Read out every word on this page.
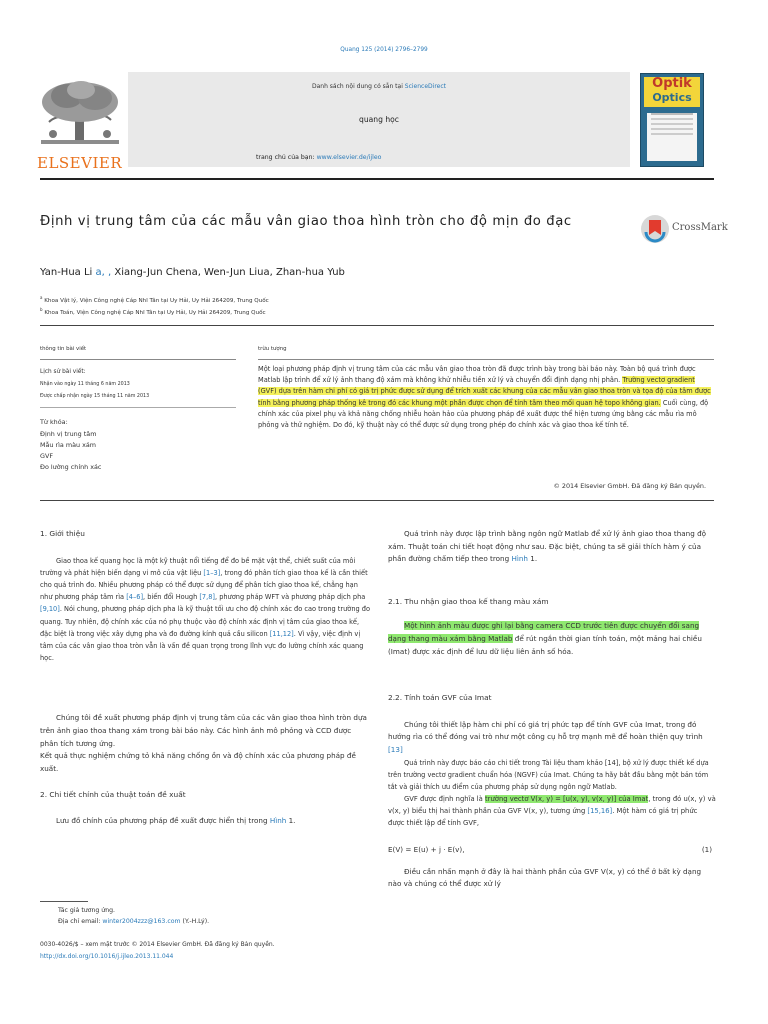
Quang 125 (2014) 2796–2799
ELSEVIER
Danh sách nội dung có sẵn tại ScienceDirect
quang học
trang chủ của bạn: www.elsevier.de/ijleo
Optik
Optics
Định vị trung tâm của các mẫu vân giao thoa hình tròn cho độ mịn đo đạc	CrossMark
Yan-Hua Li a, , Xiang-Jun Chena, Wen-Jun Liua, Zhan-hua Yub
$^a$ Khoa Vật lý, Viện Công nghệ Cáp Nhĩ Tân tại Uy Hải, Uy Hải 264209, Trung Quốc
$^b$ Khoa Toán, Viện Công nghệ Cáp Nhĩ Tân tại Uy Hải, Uy Hải 264209, Trung Quốc
thông tin bài viết
Lịch sử bài viết:
Nhận vào ngày 11 tháng 6 năm 2013
Được chấp nhận ngày 15 tháng 11 năm 2013
Từ khóa:
Định vị trung tâm
Mẫu rìa màu xám
GVF
Đo lường chính xác
trừu tượng
Một loại phương pháp định vị trung tâm của các mẫu vân giao thoa tròn đã được trình bày trong bài báo này. Toàn bộ quá trình được Matlab lập trình để xử lý ảnh thang độ xám mà không khử nhiễu tiền xử lý và chuyển đổi định dạng nhị phân. Trường vectơ gradient (GVF) dựa trên hàm chi phí có giá trị phức được sử dụng để trích xuất các khung của các mẫu vân giao thoa tròn và tọa độ của tâm được tính bằng phương pháp thống kê trong đó các khung một phần được chọn để tính tâm theo mối quan hệ topo không gian. Cuối cùng, độ chính xác của pixel phụ và khả năng chống nhiễu hoàn hảo của phương pháp đề xuất được thể hiện tương ứng bằng các mẫu rìa mô phỏng và thử nghiệm. Do đó, kỹ thuật này có thể được sử dụng trong phép đo chính xác và giao thoa kế tính tế.
© 2014 Elsevier GmbH. Đã đăng ký Bản quyền.

1. Giới thiệu

Giao thoa kế quang học là một kỹ thuật nổi tiếng để đo bề mặt vật thể, chiết suất của môi trường và phát hiện biến dạng vi mô của vật liệu [1–3], trong đó phân tích giao thoa kế là cần thiết cho quá trình đo. Nhiều phương pháp có thể được sử dụng để phân tích giao thoa kế, chẳng hạn như phương pháp tâm rìa [4–6], biến đổi Hough [7,8], phương pháp WFT và phương pháp dịch pha [9,10]. Nói chung, phương pháp dịch pha là kỹ thuật tối ưu cho độ chính xác đo cao trong trường đo quang. Tuy nhiên, độ chính xác của nó phụ thuộc vào độ chính xác định vị tâm của giao thoa kế, đặc biệt là trong việc xây dựng pha và đo đường kính quả cầu silicon [11,12]. Vì vậy, việc định vị tâm của các vân giao thoa tròn vẫn là vấn đề quan trọng trong lĩnh vực đo lường chính xác quang học.

Chúng tôi đề xuất phương pháp định vị trung tâm của các vân giao thoa hình tròn dựa trên ảnh giao thoa thang xám trong bài báo này. Các hình ảnh mô phỏng và CCD được phân tích tương ứng.

Kết quả thực nghiệm chứng tỏ khả năng chống ồn và độ chính xác của phương pháp đề xuất.

2. Chi tiết chính của thuật toán đề xuất

Lưu đồ chính của phương pháp đề xuất được hiển thị trong Hình 1.

Tác giả tương ứng.
Địa chỉ email: winter2004zzz@163.com (Y.-H.Lý).
0030-4026/$ – xem mặt trước © 2014 Elsevier GmbH. Đã đăng ký Bản quyền.
http://dx.doi.org/10.1016/j.ijleo.2013.11.044

Quá trình này được lập trình bằng ngôn ngữ Matlab để xử lý ảnh giao thoa thang độ xám. Thuật toán chi tiết hoạt động như sau. Đặc biệt, chúng ta sẽ giải thích hàm ý của phần đường chấm tiếp theo trong Hình 1.

2.1. Thu nhận giao thoa kế thang màu xám

Một hình ảnh màu được ghi lại bằng camera CCD trước tiên được chuyển đổi sang dạng thang màu xám bằng Matlab để rút ngắn thời gian tính toán, một mảng hai chiều (Imat) được xác định để lưu dữ liệu liên ảnh số hóa.

2.2. Tính toán GVF của Imat

Chúng tôi thiết lập hàm chi phí có giá trị phức tạp để tính GVF của Imat, trong đó hướng rìa có thể đóng vai trò như một công cụ hỗ trợ mạnh mẽ để hoàn thiện quy trình [13]

Quá trình này được báo cáo chi tiết trong Tài liệu tham khảo [14], bộ xử lý được thiết kế dựa trên trường vectơ gradient chuẩn hóa (NGVF) của Imat. Chúng ta hãy bắt đầu bằng một bản tóm tắt và giải thích ưu điểm của phương pháp sử dụng ngôn ngữ Matlab.

GVF được định nghĩa là trường vectơ V(x, y) = [u(x, y), v(x, y)] của Imat, trong đó u(x, y) và v(x, y) biểu thị hai thành phần của GVF V(x, y), tương ứng [15,16]. Một hàm có giá trị phức được thiết lập để tính GVF,

E(V) = E(u) + j · E(v),	(1)

Điều cần nhấn mạnh ở đây là hai thành phần của GVF V(x, y) có thể ở bất kỳ dạng nào và chúng có thể được xử lý
